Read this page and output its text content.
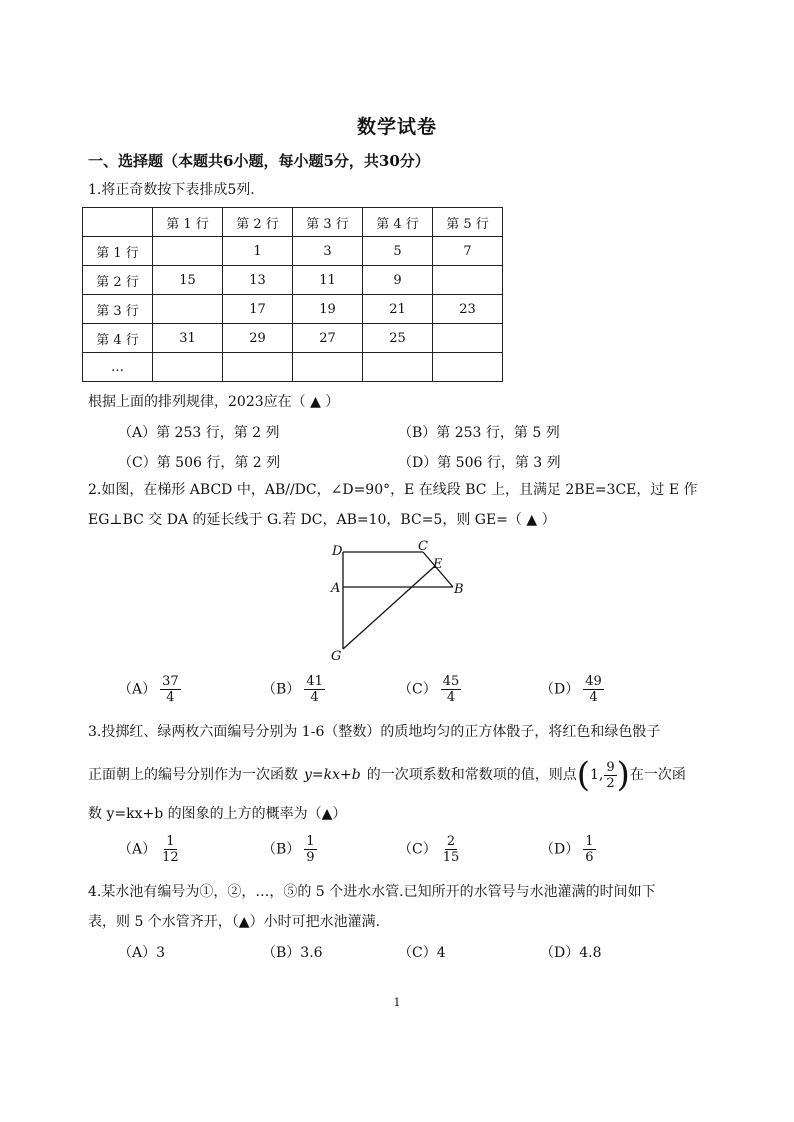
数学试卷
一、选择题（本题共6小题，每小题5分，共30分）
1.将正奇数按下表排成5列.
	第 1 行	第 2 行	第 3 行	第 4 行	第 5 行
第 1 行		1	3	5	7
第 2 行	15	13	11	9	
第 3 行		17	19	21	23
第 4 行	31	29	27	25	
…					
根据上面的排列规律，2023应在（ ▲ ）
（A）第 253 行，第 2 列	（B）第 253 行，第 5 列
（C）第 506 行，第 2 列	（D）第 506 行，第 3 列
2.如图，在梯形 ABCD 中，AB//DC，∠D=90°，E 在线段 BC 上，且满足 2BE=3CE，过 E 作
EG⊥BC 交 DA 的延长线于 G.若 DC，AB=10，BC=5，则 GE=（ ▲ ）
D	C
E
A	B
G
$(A) \frac{37}{4}$	$(B) \frac{41}{4}$	$(C) \frac{45}{4}$	$(D) \frac{49}{4}$
3.投掷红、绿两枚六面编号分别为 1-6（整数）的质地均匀的正方体骰子，将红色和绿色骰子
正面朝上的编号分别作为一次函数 y=kx+b 的一次项系数和常数项的值，则点 ( 1, $\frac{9}{2}$ ) 在一次函
数 y=kx+b 的图象的上方的概率为（▲）
$(A) \frac{1}{12}$	$(B) \frac{1}{9}$	$(C) \frac{2}{15}$	$(D) \frac{1}{6}$
4.某水池有编号为①，②，…，⑤的 5 个进水水管.已知所开的水管号与水池灌满的时间如下
表，则 5 个水管齐开，（▲）小时可把水池灌满.
（A）3	（B）3.6	（C）4	（D）4.8
1
